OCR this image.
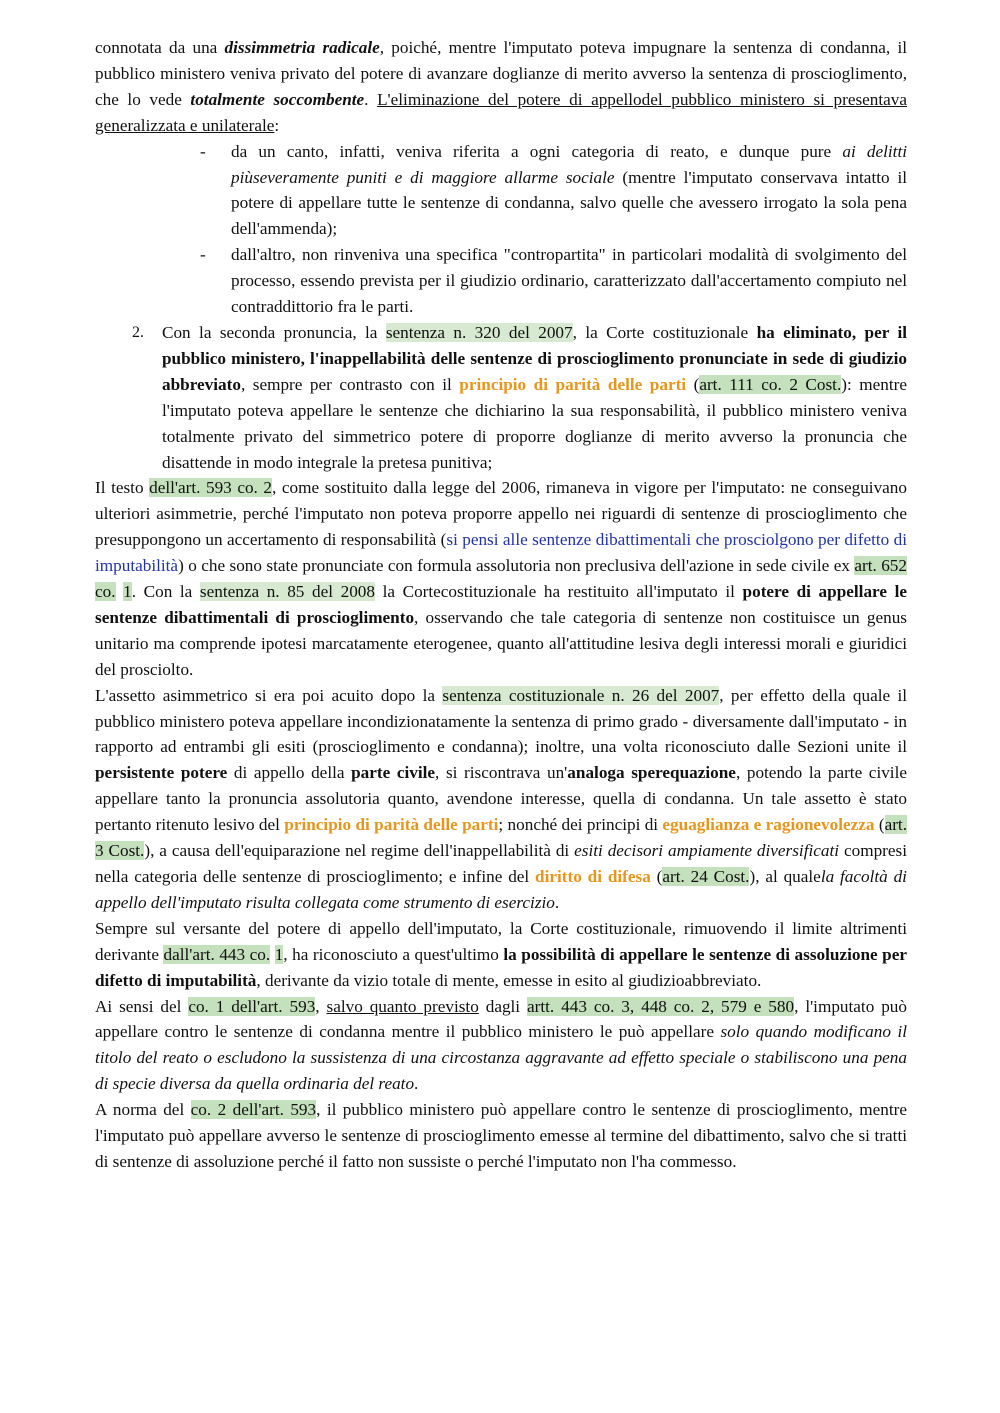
connotata da una dissimmetria radicale, poiché, mentre l'imputato poteva impugnare la sentenza di condanna, il pubblico ministero veniva privato del potere di avanzare doglianze di merito avverso la sentenza di proscioglimento, che lo vede totalmente soccombente. L'eliminazione del potere di appellodel pubblico ministero si presentava generalizzata e unilaterale:

- da un canto, infatti, veniva riferita a ogni categoria di reato, e dunque pure ai delitti piùseveramente puniti e di maggiore allarme sociale (mentre l'imputato conservava intatto il potere di appellare tutte le sentenze di condanna, salvo quelle che avessero irrogato la sola pena dell'ammenda);
- dall'altro, non rinveniva una specifica "contropartita" in particolari modalità di svolgimento del processo, essendo prevista per il giudizio ordinario, caratterizzato dall'accertamento compiuto nel contraddittorio fra le parti.
2. Con la seconda pronuncia, la sentenza n. 320 del 2007, la Corte costituzionale ha eliminato, per il pubblico ministero, l'inappellabilità delle sentenze di proscioglimento pronunciate in sede di giudizio abbreviato, sempre per contrasto con il principio di parità delle parti (art. 111 co. 2 Cost.): mentre l'imputato poteva appellare le sentenze che dichiarino la sua responsabilità, il pubblico ministero veniva totalmente privato del simmetrico potere di proporre doglianze di merito avverso la pronuncia che disattende in modo integrale la pretesa punitiva;

Il testo dell'art. 593 co. 2, come sostituito dalla legge del 2006, rimaneva in vigore per l'imputato: ne conseguivano ulteriori asimmetrie, perché l'imputato non poteva proporre appello nei riguardi di sentenze di proscioglimento che presuppongono un accertamento di responsabilità (si pensi alle sentenze dibattimentali che prosciolgono per difetto di imputabilità) o che sono state pronunciate con formula assolutoria non preclusiva dell'azione in sede civile ex art. 652 co. 1. Con la sentenza n. 85 del 2008 la Cortecostituzionale ha restituito all'imputato il potere di appellare le sentenze dibattimentali di proscioglimento, osservando che tale categoria di sentenze non costituisce un genus unitario ma comprende ipotesi marcatamente eterogenee, quanto all'attitudine lesiva degli interessi morali e giuridici del prosciolto.

L'assetto asimmetrico si era poi acuito dopo la sentenza costituzionale n. 26 del 2007, per effetto della quale il pubblico ministero poteva appellare incondizionatamente la sentenza di primo grado - diversamente dall'imputato - in rapporto ad entrambi gli esiti (proscioglimento e condanna); inoltre, una volta riconosciuto dalle Sezioni unite il persistente potere di appello della parte civile, si riscontrava un'analoga sperequazione, potendo la parte civile appellare tanto la pronuncia assolutoria quanto, avendone interesse, quella di condanna. Un tale assetto è stato pertanto ritenuto lesivo del principio di parità delle parti; nonché dei principi di eguaglianza e ragionevolezza (art. 3 Cost.), a causa dell'equiparazione nel regime dell'inappellabilità di esiti decisori ampiamente diversificati compresi nella categoria delle sentenze di proscioglimento; e infine del diritto di difesa (art. 24 Cost.), al qualela facoltà di appello dell'imputato risulta collegata come strumento di esercizio.

Sempre sul versante del potere di appello dell'imputato, la Corte costituzionale, rimuovendo il limite altrimenti derivante dall'art. 443 co. 1, ha riconosciuto a quest'ultimo la possibilità di appellare le sentenze di assoluzione per difetto di imputabilità, derivante da vizio totale di mente, emesse in esito al giudizioabbreviato.

Ai sensi del co. 1 dell'art. 593, salvo quanto previsto dagli artt. 443 co. 3, 448 co. 2, 579 e 580, l'imputato può appellare contro le sentenze di condanna mentre il pubblico ministero le può appellare solo quando modificano il titolo del reato o escludono la sussistenza di una circostanza aggravante ad effetto speciale o stabiliscono una pena di specie diversa da quella ordinaria del reato.

A norma del co. 2 dell'art. 593, il pubblico ministero può appellare contro le sentenze di proscioglimento, mentre l'imputato può appellare avverso le sentenze di proscioglimento emesse al termine del dibattimento, salvo che si tratti di sentenze di assoluzione perché il fatto non sussiste o perché l'imputato non l'ha commesso.
